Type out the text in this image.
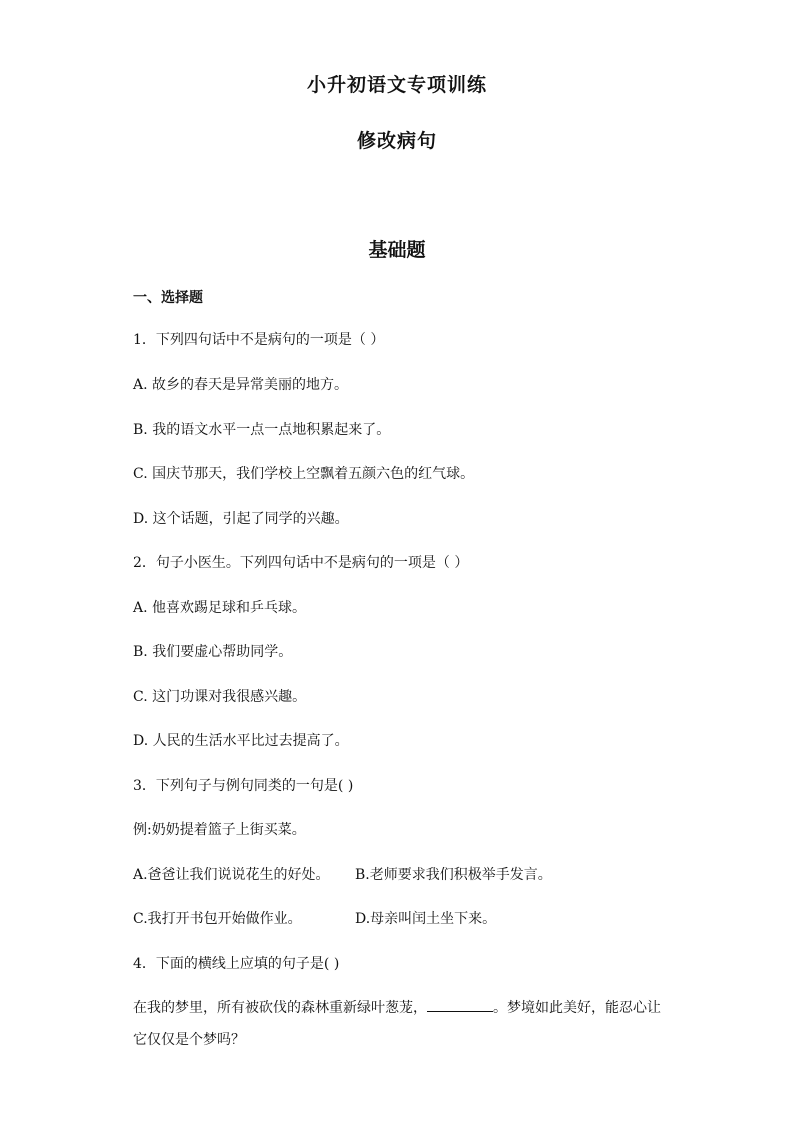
小升初语文专项训练
修改病句
基础题
一、选择题
1．下列四句话中不是病句的一项是（ ）
A. 故乡的春天是异常美丽的地方。
B. 我的语文水平一点一点地积累起来了。
C. 国庆节那天，我们学校上空飘着五颜六色的红气球。
D. 这个话题，引起了同学的兴趣。
2．句子小医生。下列四句话中不是病句的一项是（ ）
A. 他喜欢踢足球和乒乓球。
B. 我们要虚心帮助同学。
C. 这门功课对我很感兴趣。
D. 人民的生活水平比过去提高了。
3．下列句子与例句同类的一句是( )
例:奶奶提着篮子上街买菜。
A.爸爸让我们说说花生的好处。 B.老师要求我们积极举手发言。
C.我打开书包开始做作业。	D.母亲叫闰土坐下来。
4．下面的横线上应填的句子是( )
在我的梦里，所有被砍伐的森林重新绿叶葱茏，	。梦境如此美好，能忍心让它仅仅是个梦吗？
